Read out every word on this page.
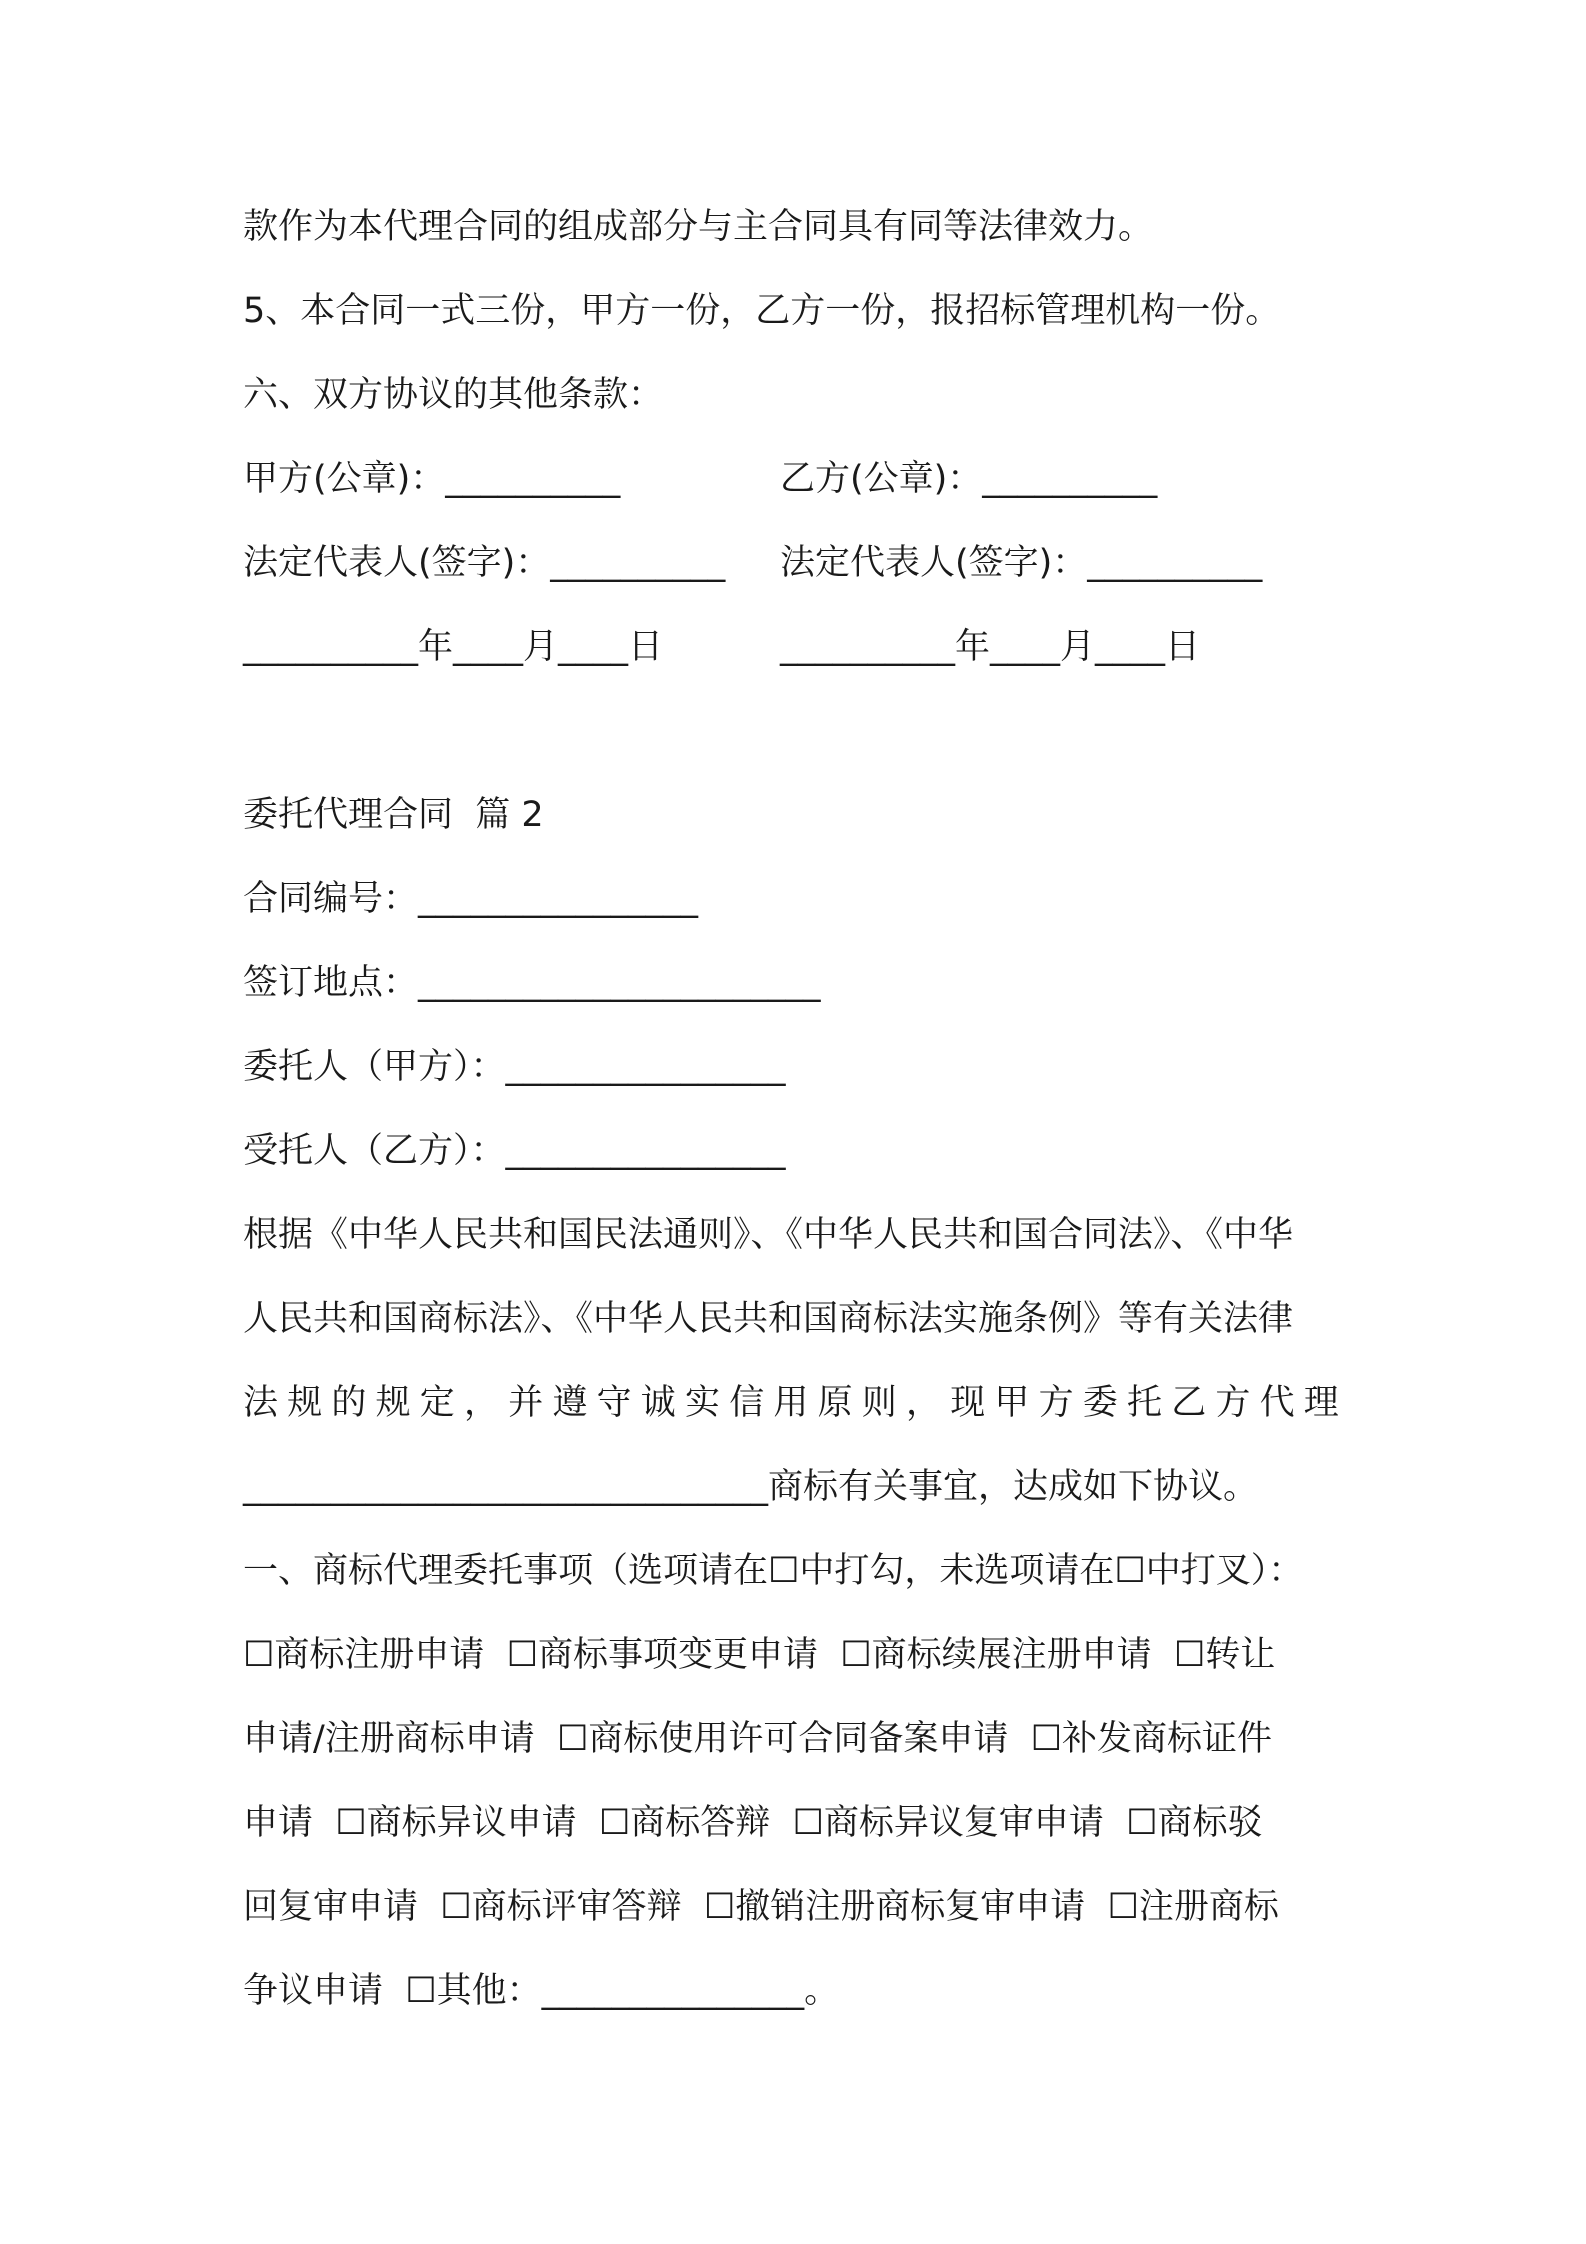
款作为本代理合同的组成部分与主合同具有同等法律效力。
5、本合同一式三份，甲方一份，乙方一份，报招标管理机构一份。
六、双方协议的其他条款：
甲方(公章)：__________	乙方(公章)：__________
法定代表人(签字)：__________ 法定代表人(签字)：__________
__________年____月____日	__________年____月____日
委托代理合同  篇 2
合同编号：________________
签订地点：_______________________
委托人（甲方）：________________
受托人（乙方）：________________
根据《中华人民共和国民法通则》、《中华人民共和国合同法》、《中华
人民共和国商标法》、《中华人民共和国商标法实施条例》等有关法律
法规的规定，并遵守诚实信用原则，现甲方委托乙方代理
______________________________商标有关事宜，达成如下协议。
一、商标代理委托事项（选项请在☐中打勾，未选项请在☐中打叉）：
☐商标注册申请  ☐商标事项变更申请  ☐商标续展注册申请  ☐转让
申请/注册商标申请  ☐商标使用许可合同备案申请  ☐补发商标证件
申请  ☐商标异议申请  ☐商标答辩  ☐商标异议复审申请  ☐商标驳
回复审申请  ☐商标评审答辩  ☐撤销注册商标复审申请  ☐注册商标
争议申请  ☐其他：_______________。
